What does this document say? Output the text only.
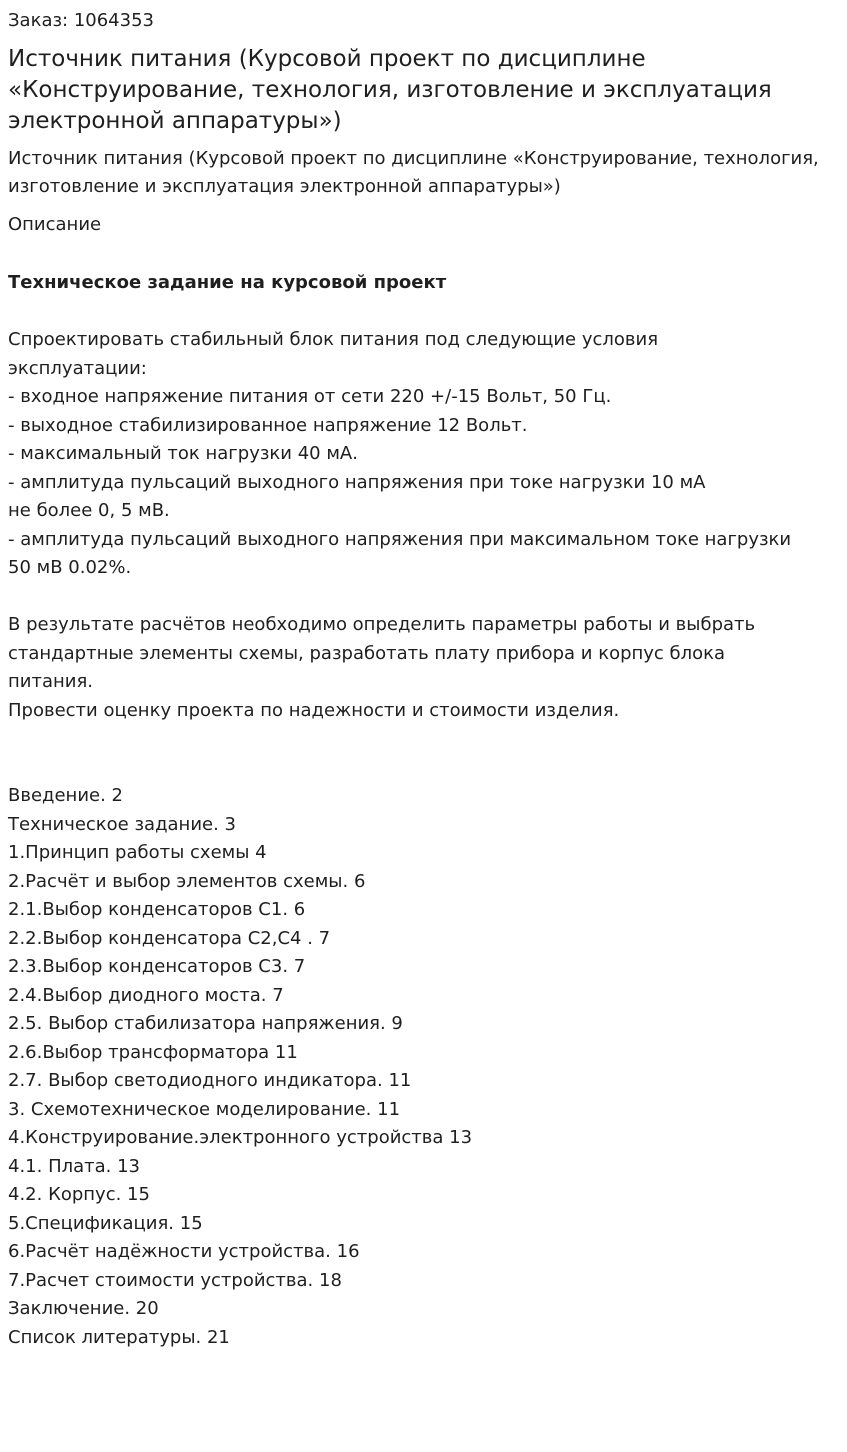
Заказ: 1064353
Источник питания (Курсовой проект по дисциплине «Конструирование, технология, изготовление и эксплуатация электронной аппаратуры»)
Источник питания (Курсовой проект по дисциплине «Конструирование, технология, изготовление и эксплуатация электронной аппаратуры»)
Описание
Техническое задание на курсовой проект
Спроектировать стабильный блок питания под следующие условия
эксплуатации:
- входное напряжение питания от сети 220 +/-15 Вольт, 50 Гц.
- выходное стабилизированное напряжение 12 Вольт.
- максимальный ток нагрузки 40 мА.
- амплитуда пульсаций выходного напряжения при токе нагрузки 10 мА
не более 0, 5 мВ.
- амплитуда пульсаций выходного напряжения при максимальном токе нагрузки
50 мВ 0.02%.
В результате расчётов необходимо определить параметры работы и выбрать
стандартные элементы схемы, разработать плату прибора и корпус блока
питания.
Провести оценку проекта по надежности и стоимости изделия.
Введение. 2
Техническое задание. 3
1.Принцип работы схемы 4
2.Расчёт и выбор элементов схемы. 6
2.1.Выбор конденсаторов С1. 6
2.2.Выбор конденсатора С2,С4 . 7
2.3.Выбор конденсаторов С3. 7
2.4.Выбор диодного моста. 7
2.5. Выбор стабилизатора напряжения. 9
2.6.Выбор трансформатора 11
2.7. Выбор светодиодного индикатора. 11
3. Схемотехническое моделирование. 11
4.Конструирование.электронного устройства 13
4.1. Плата. 13
4.2. Корпус. 15
5.Спецификация. 15
6.Расчёт надёжности устройства. 16
7.Расчет стоимости устройства. 18
Заключение. 20
Список литературы. 21
